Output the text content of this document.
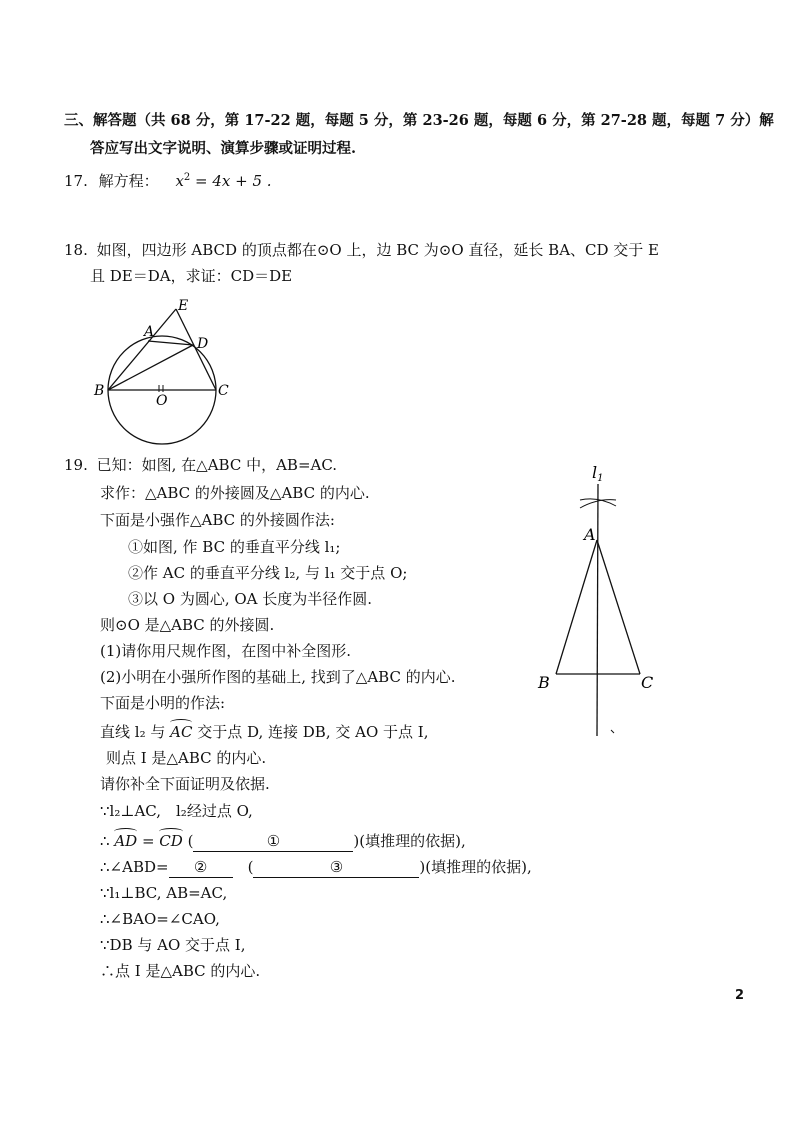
三、解答题（共 68 分，第 17-22 题，每题 5 分，第 23-26 题，每题 6 分，第 27-28 题，每题 7 分）解
答应写出文字说明、演算步骤或证明过程.
17. 解方程： $x^2 = 4x + 5$ .
18. 如图，四边形 ABCD 的顶点都在⊙O 上，边 BC 为⊙O 直径，延长 BA、CD 交于 E
且 DE＝DA，求证：CD＝DE
E
A
D
B
O
C
19. 已知：如图, 在△ABC 中，AB=AC.
求作：△ABC 的外接圆及△ABC 的内心.
下面是小强作△ABC 的外接圆作法:
①如图, 作 BC 的垂直平分线 l₁;
②作 AC 的垂直平分线 l₂, 与 l₁ 交于点 O;
③以 O 为圆心, OA 长度为半径作圆.
则⊙O 是△ABC 的外接圆.
(1)请你用尺规作图，在图中补全图形.
(2)小明在小强所作图的基础上, 找到了△ABC 的内心.
下面是小明的作法:
直线 l₂ 与 AC 交于点 D, 连接 DB, 交 AO 于点 I,
则点 I 是△ABC 的内心.
请你补全下面证明及依据.
∵l₂⊥AC,　l₂经过点 O,
∴ AD = CD (	①	)(填推理的依据),
∴∠ABD= ②　(	③	)(填推理的依据),
∵l₁⊥BC, AB=AC,
∴∠BAO=∠CAO,
∵DB 与 AO 交于点 I,
∴点 I 是△ABC 的内心.
l1
A
B	C
2
